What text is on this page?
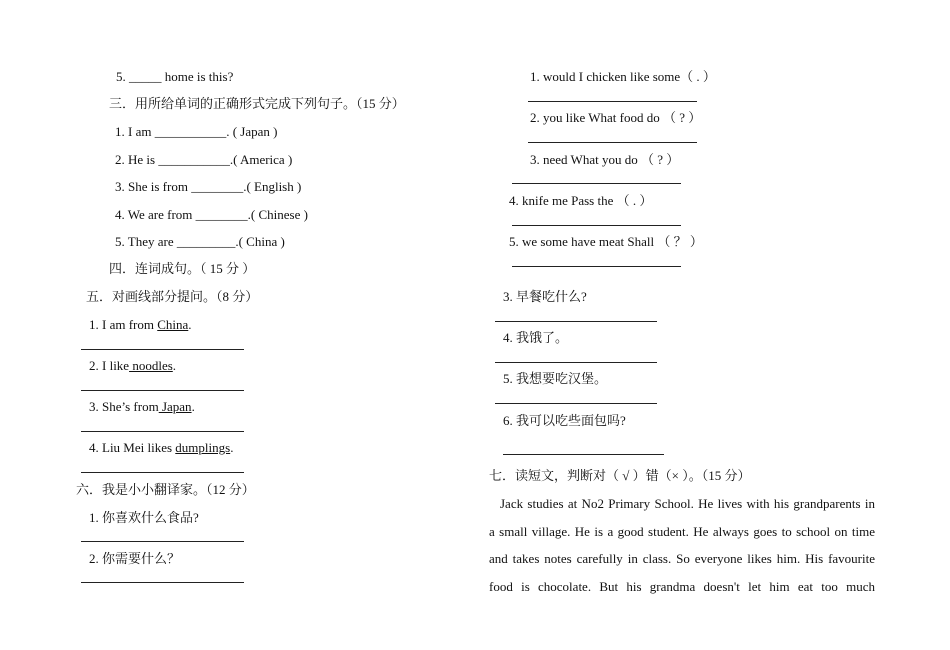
5. _____ home is this?
三．用所给单词的正确形式完成下列句子。（15 分）
1. I am ___________. ( Japan )
2. He is ___________.( America )
3. She is from ________.( English )
4. We are from ________.( Chinese )
5. They are _________.( China )
四．连词成句。（ 15 分 ）
五．对画线部分提问。（8 分）
1. I am from China.
2. I like noodles.
3. She’s from Japan.
4. Liu Mei likes dumplings.
六．我是小小翻译家。（12 分）
1. 你喜欢什么食品?
2. 你需要什么？
1. would I chicken like some（ . ）
2. you like What food do （ ? ）
3. need What you do （ ? ）
4. knife me Pass the （ . ）
5. we some have meat Shall （ ？ ）
3. 早餐吃什么?
4. 我饿了。
5. 我想要吃汉堡。
6. 我可以吃些面包吗?
七．读短文，判断对（ √ ）错（× ）。（15 分）
Jack studies at No2 Primary School. He lives with his grandparents in
a small village. He is a good student. He always goes to school on time
and takes notes carefully in class. So everyone likes him. His favourite
food is chocolate. But his grandma doesn't let him eat too much
